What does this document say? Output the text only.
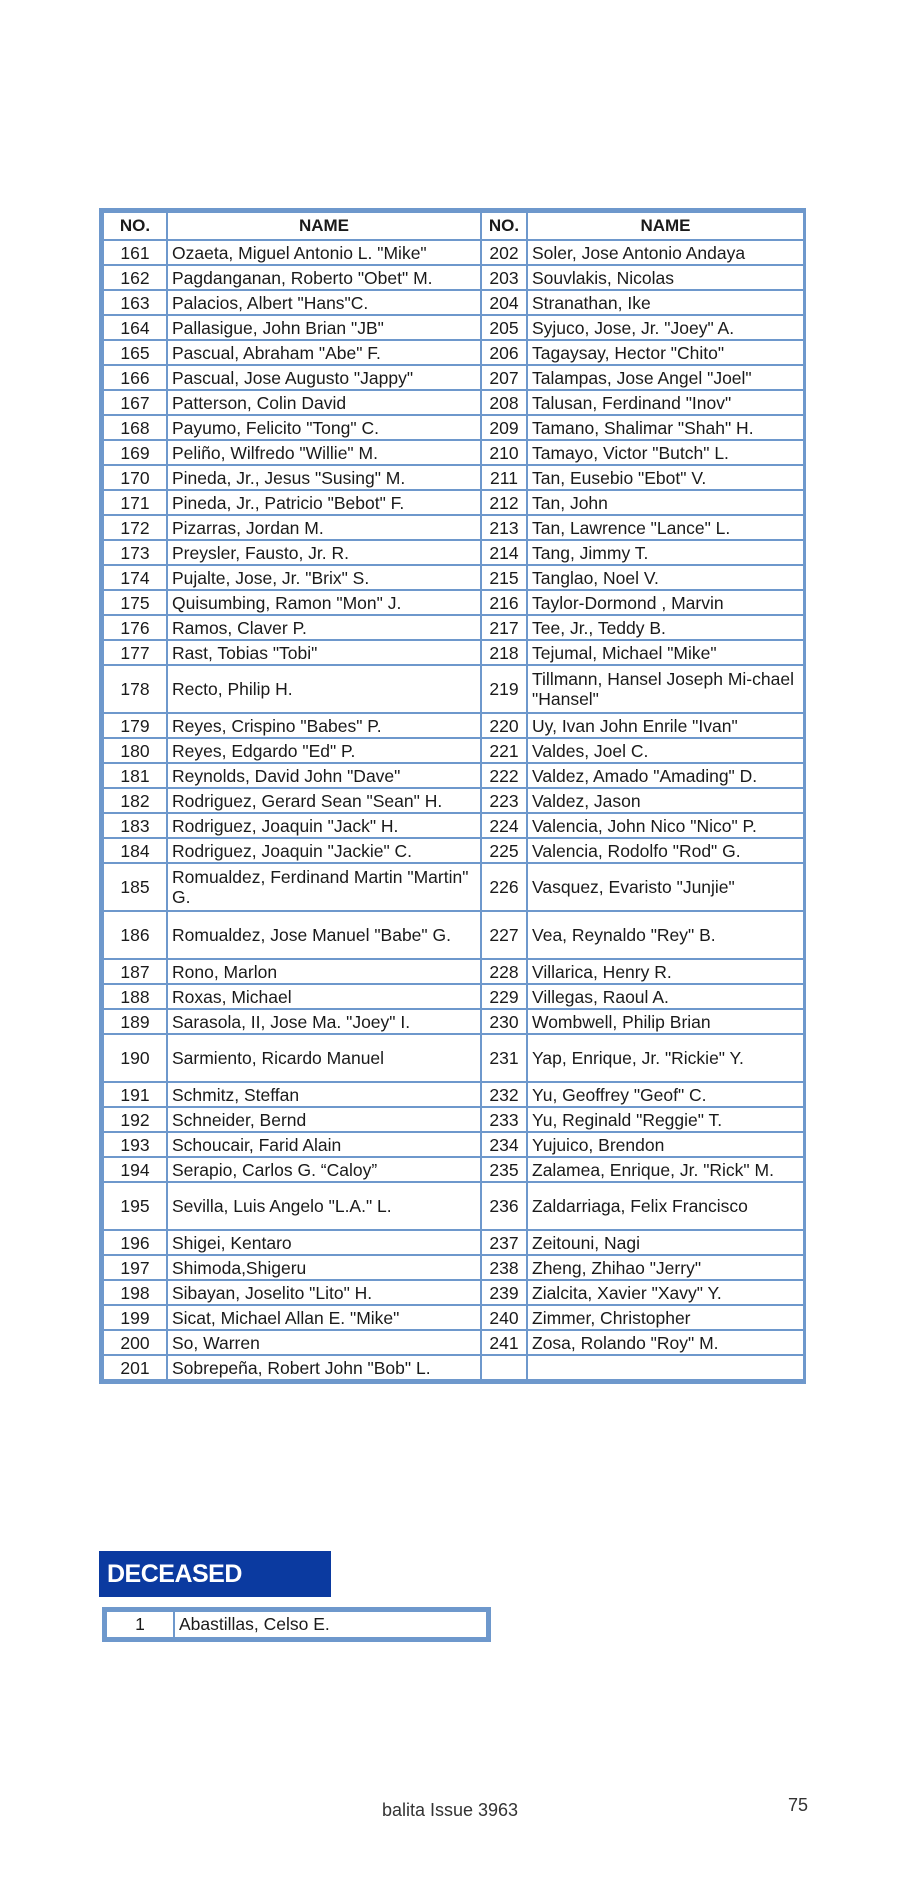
NO.	NAME	NO.	NAME
161	Ozaeta, Miguel Antonio L. "Mike"	202	Soler, Jose Antonio Andaya
162	Pagdanganan, Roberto "Obet" M.	203	Souvlakis, Nicolas
163	Palacios, Albert "Hans"C.	204	Stranathan, Ike
164	Pallasigue, John Brian "JB"	205	Syjuco, Jose, Jr. "Joey" A.
165	Pascual, Abraham "Abe" F.	206	Tagaysay, Hector "Chito"
166	Pascual, Jose Augusto "Jappy"	207	Talampas, Jose Angel "Joel"
167	Patterson, Colin David	208	Talusan, Ferdinand "Inov"
168	Payumo, Felicito "Tong" C.	209	Tamano, Shalimar "Shah" H.
169	Peliño, Wilfredo "Willie" M.	210	Tamayo, Victor "Butch" L.
170	Pineda, Jr., Jesus "Susing" M.	211	Tan, Eusebio "Ebot" V.
171	Pineda, Jr., Patricio "Bebot" F.	212	Tan, John
172	Pizarras, Jordan M.	213	Tan, Lawrence "Lance" L.
173	Preysler, Fausto, Jr. R.	214	Tang, Jimmy T.
174	Pujalte, Jose, Jr. "Brix" S.	215	Tanglao, Noel V.
175	Quisumbing, Ramon "Mon" J.	216	Taylor-Dormond , Marvin
176	Ramos, Claver P.	217	Tee, Jr., Teddy B.
177	Rast, Tobias "Tobi"	218	Tejumal, Michael "Mike"
178	Recto, Philip H.	219	Tillmann, Hansel Joseph Mi-chael "Hansel"
179	Reyes, Crispino "Babes" P.	220	Uy, Ivan John Enrile "Ivan"
180	Reyes, Edgardo "Ed" P.	221	Valdes, Joel C.
181	Reynolds, David John "Dave"	222	Valdez, Amado "Amading" D.
182	Rodriguez, Gerard Sean "Sean" H.	223	Valdez, Jason
183	Rodriguez, Joaquin "Jack" H.	224	Valencia, John Nico "Nico" P.
184	Rodriguez, Joaquin "Jackie" C.	225	Valencia, Rodolfo "Rod" G.
185	Romualdez, Ferdinand Martin "Martin" G.	226	Vasquez, Evaristo "Junjie"
186	Romualdez, Jose Manuel "Babe" G.	227	Vea, Reynaldo "Rey" B.
187	Rono, Marlon	228	Villarica, Henry R.
188	Roxas, Michael	229	Villegas, Raoul A.
189	Sarasola, II, Jose Ma. "Joey" I.	230	Wombwell, Philip Brian
190	Sarmiento, Ricardo Manuel	231	Yap, Enrique, Jr. "Rickie" Y.
191	Schmitz, Steffan	232	Yu, Geoffrey "Geof" C.
192	Schneider, Bernd	233	Yu, Reginald "Reggie" T.
193	Schoucair, Farid Alain	234	Yujuico, Brendon
194	Serapio, Carlos G. “Caloy”	235	Zalamea, Enrique, Jr. "Rick" M.
195	Sevilla, Luis Angelo "L.A." L.	236	Zaldarriaga, Felix Francisco
196	Shigei, Kentaro	237	Zeitouni, Nagi
197	Shimoda,Shigeru	238	Zheng, Zhihao "Jerry"
198	Sibayan, Joselito "Lito" H.	239	Zialcita, Xavier "Xavy" Y.
199	Sicat, Michael Allan E. "Mike"	240	Zimmer, Christopher
200	So, Warren	241	Zosa, Rolando "Roy" M.
201	Sobrepeña, Robert John "Bob" L.		
DECEASED
1	Abastillas, Celso E.
balita Issue 3963	75
